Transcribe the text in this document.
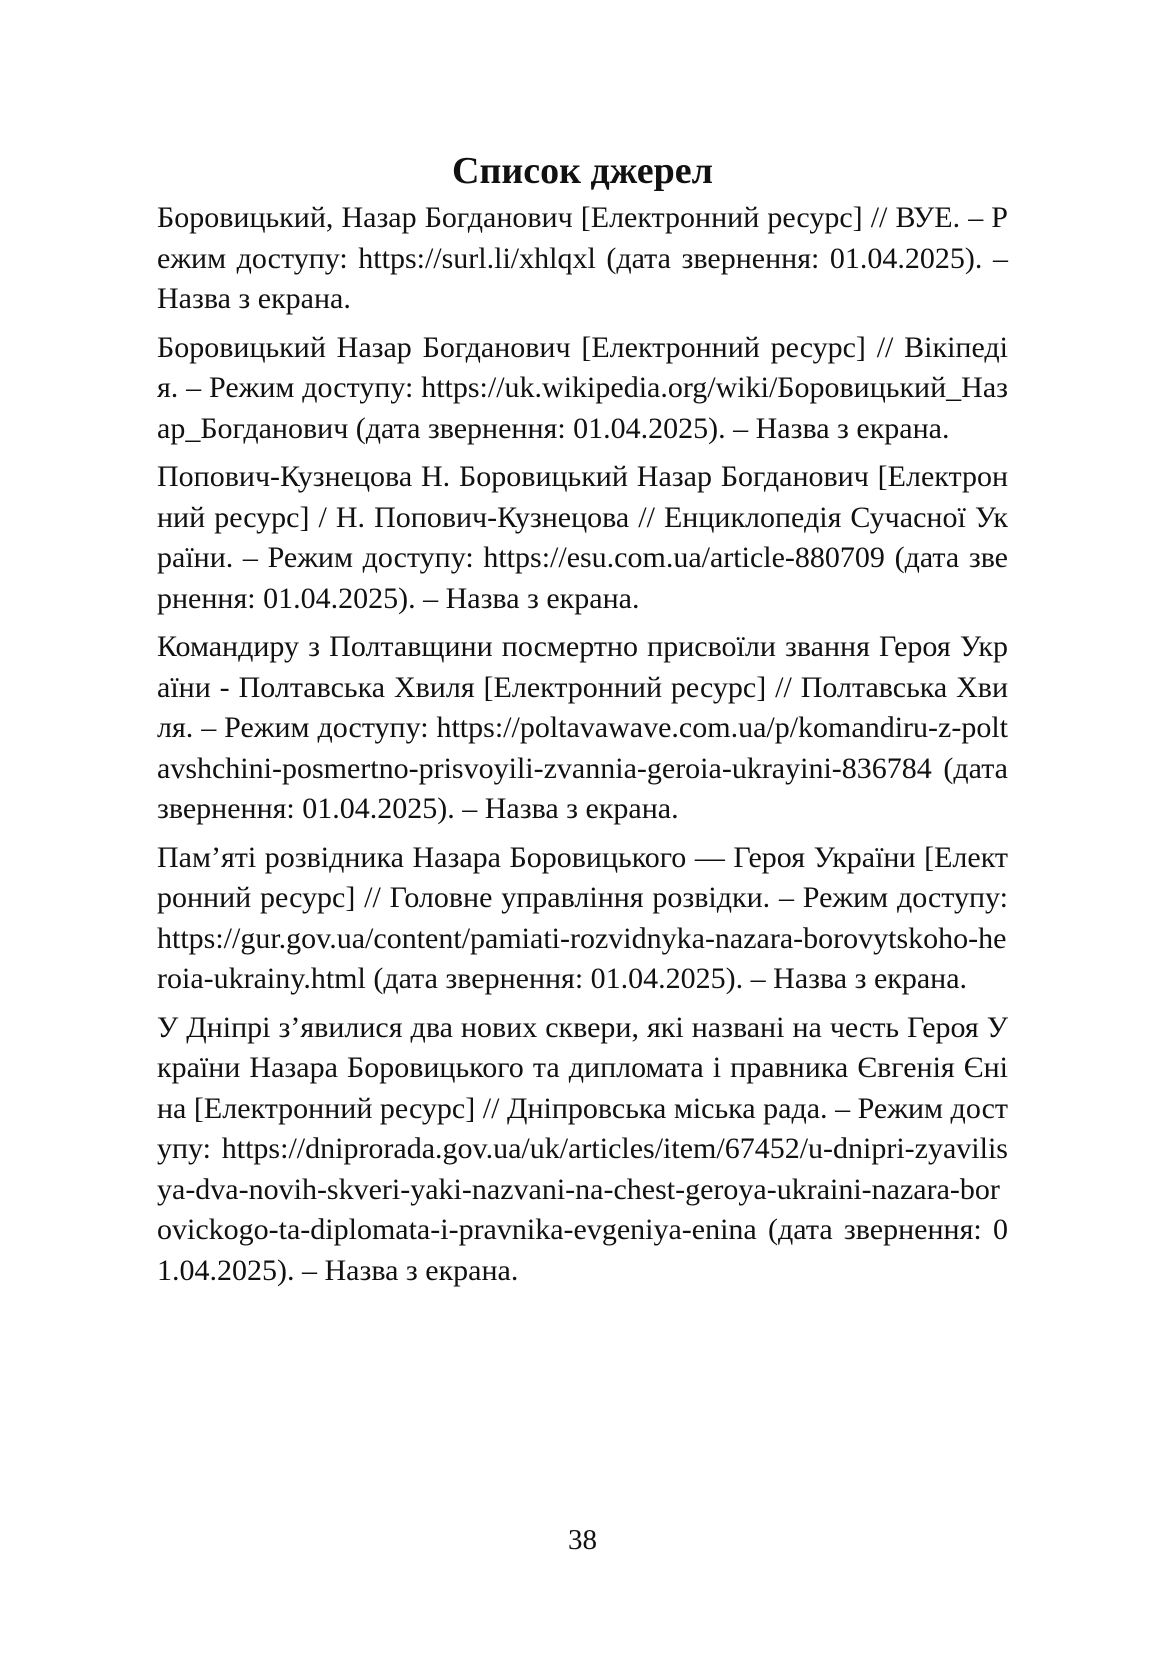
Список джерел
Боровицький, Назар Богданович [Електронний ресурс] // ВУЕ. – Режим доступу: https://surl.li/xhlqxl (дата звернення: 01.04.2025). – Назва з екрана.
Боровицький Назар Богданович [Електронний ресурс] // Вікіпедія. – Режим доступу: https://uk.wikipedia.org/wiki/Боровицький_Назар_Богданович (дата звернення: 01.04.2025). – Назва з екрана.
Попович-Кузнецова Н. Боровицький Назар Богданович [Електронний ресурс] / Н. Попович-Кузнецова // Енциклопедія Сучасної України. – Режим доступу: https://esu.com.ua/article-880709 (дата звернення: 01.04.2025). – Назва з екрана.
Командиру з Полтавщини посмертно присвоїли звання Героя України - Полтавська Хвиля [Електронний ресурс] // Полтавська Хвиля. – Режим доступу: https://poltavawave.com.ua/p/komandiru-z-poltavshchini-posmertno-prisvoyili-zvannia-geroia-ukrayini-836784 (дата звернення: 01.04.2025). – Назва з екрана.
Пам’яті розвідника Назара Боровицького — Героя України [Електронний ресурс] // Головне управління розвідки. – Режим доступу: https://gur.gov.ua/content/pamiati-rozvidnyka-nazara-borovytskoho-heroia-ukrainy.html (дата звернення: 01.04.2025). – Назва з екрана.
У Дніпрі з’явилися два нових сквери, які названі на честь Героя України Назара Боровицького та дипломата і правника Євгенія Єніна [Електронний ресурс] // Дніпровська міська рада. – Режим доступу: https://dniprorada.gov.ua/uk/articles/item/67452/u-dnipri-zyavilisya-dva-novih-skveri-yaki-nazvani-na-chest-geroya-ukraini-nazara-borovickogo-ta-diplomata-i-pravnika-evgeniya-enina (дата звернення: 01.04.2025). – Назва з екрана.
38
